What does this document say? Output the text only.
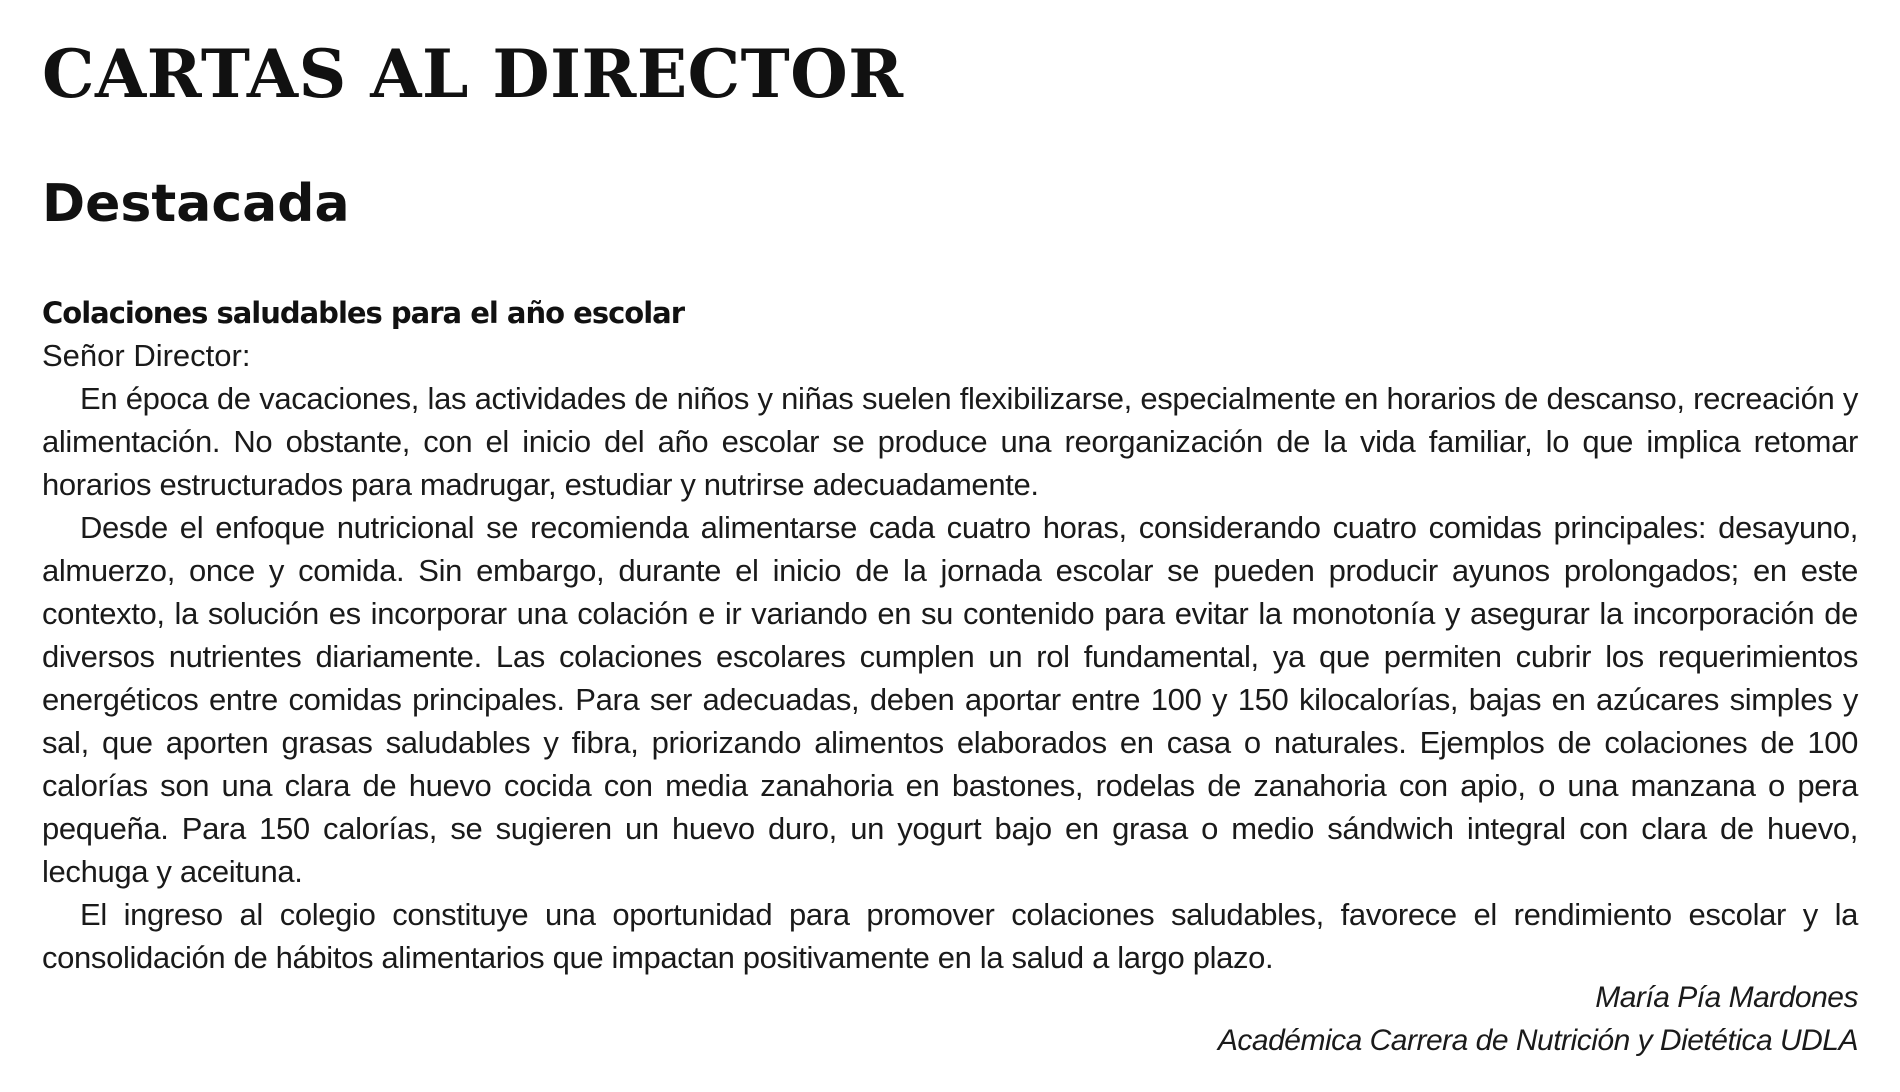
CARTAS AL DIRECTOR
Destacada
Colaciones saludables para el año escolar

Señor Director:

En época de vacaciones, las actividades de niños y niñas suelen flexibilizarse, especialmente en horarios de descanso, recreación y alimentación. No obstante, con el inicio del año escolar se produce una reorganización de la vida familiar, lo que implica retomar horarios estructurados para madrugar, estudiar y nutrirse adecuadamente.

Desde el enfoque nutricional se recomienda alimentarse cada cuatro horas, considerando cuatro comidas principales: desayuno, almuerzo, once y comida. Sin embargo, durante el inicio de la jornada escolar se pueden producir ayunos prolongados; en este contexto, la solución es incorporar una colación e ir variando en su contenido para evitar la monotonía y asegurar la incorporación de diversos nutrientes diariamente. Las colaciones escolares cumplen un rol fundamental, ya que permiten cubrir los requerimientos energéticos entre comidas principales. Para ser adecuadas, deben aportar entre 100 y 150 kilocalorías, bajas en azúcares simples y sal, que aporten grasas saludables y fibra, priorizando alimentos elaborados en casa o naturales. Ejemplos de colaciones de 100 calorías son una clara de huevo cocida con media zanahoria en bastones, rodelas de zanahoria con apio, o una manzana o pera pequeña. Para 150 calorías, se sugieren un huevo duro, un yogurt bajo en grasa o medio sándwich integral con clara de huevo, lechuga y aceituna.

El ingreso al colegio constituye una oportunidad para promover colaciones saludables, favorece el rendimiento escolar y la consolidación de hábitos alimentarios que impactan positivamente en la salud a largo plazo.

María Pía Mardones
Académica Carrera de Nutrición y Dietética UDLA
